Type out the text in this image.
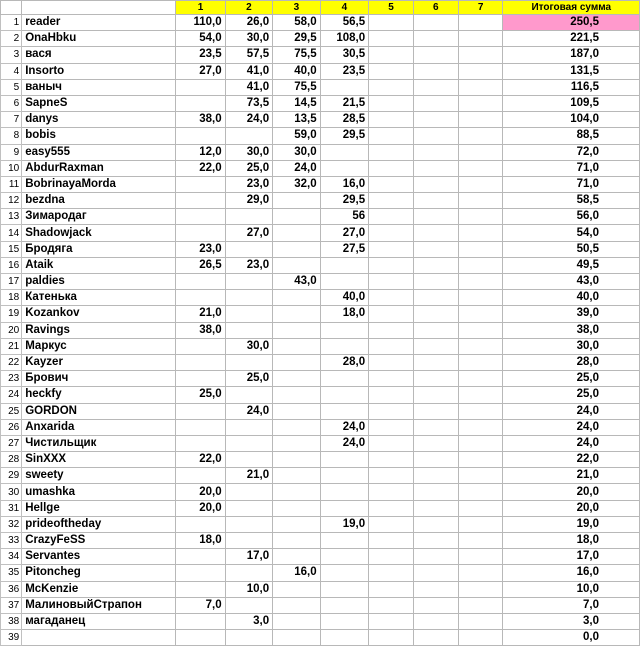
		1	2	3	4	5	6	7	Итоговая сумма
1	reader	110,0	26,0	58,0	56,5				250,5
2	OnaHbku	54,0	30,0	29,5	108,0				221,5
3	вася	23,5	57,5	75,5	30,5				187,0
4	Insorto	27,0	41,0	40,0	23,5				131,5
5	ваныч		41,0	75,5					116,5
6	SapneS		73,5	14,5	21,5				109,5
7	danys	38,0	24,0	13,5	28,5				104,0
8	bobis			59,0	29,5				88,5
9	easy555	12,0	30,0	30,0					72,0
10	AbdurRaxman	22,0	25,0	24,0					71,0
11	BobrinayaMorda		23,0	32,0	16,0				71,0
12	bezdna		29,0		29,5				58,5
13	Зимародаг				56				56,0
14	Shadowjack		27,0		27,0				54,0
15	Бродяга	23,0			27,5				50,5
16	Ataik	26,5	23,0						49,5
17	paldies			43,0					43,0
18	Катенька				40,0				40,0
19	Kozankov	21,0			18,0				39,0
20	Ravings	38,0							38,0
21	Маркус		30,0						30,0
22	Kayzer				28,0				28,0
23	Брович		25,0						25,0
24	heckfy	25,0							25,0
25	GORDON		24,0						24,0
26	Anxarida				24,0				24,0
27	Чистильщик				24,0				24,0
28	SinXXX	22,0							22,0
29	sweety		21,0						21,0
30	umashka	20,0							20,0
31	Hellge	20,0							20,0
32	prideoftheday				19,0				19,0
33	CrazyFeSS	18,0							18,0
34	Servantes		17,0						17,0
35	Pitoncheg			16,0					16,0
36	McKenzie		10,0						10,0
37	МалиновыйСтрапон	7,0							7,0
38	магаданец		3,0						3,0
39									0,0
